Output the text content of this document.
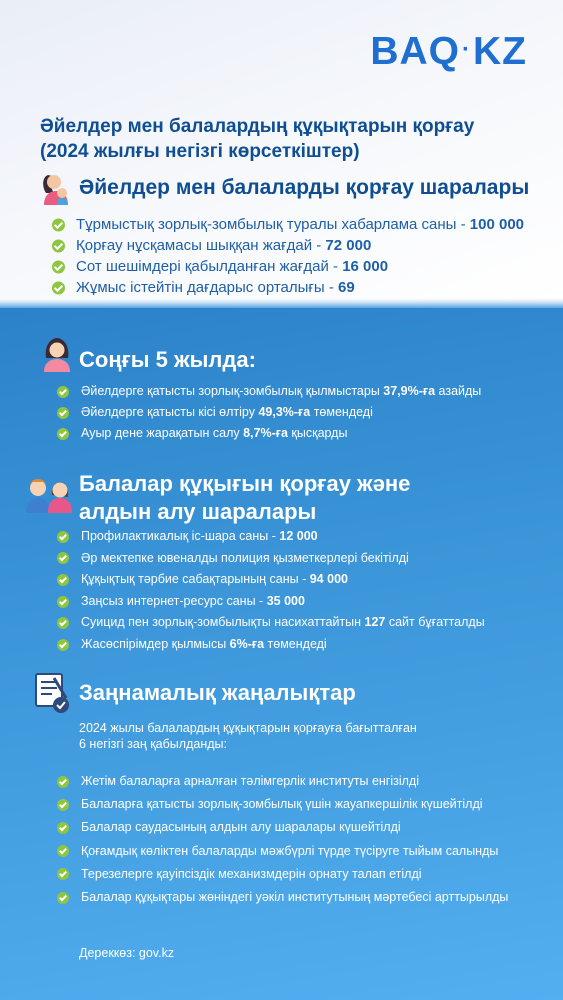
BAQ·KZ
Әйелдер мен балалардың құқықтарын қорғау
(2024 жылғы негізгі көрсеткіштер)
Әйелдер мен балаларды қорғау шаралары
Тұрмыстық зорлық-зомбылық туралы хабарлама саны - 100 000
Қорғау нұсқамасы шыққан жағдай - 72 000
Сот шешімдері қабылданған жағдай - 16 000
Жұмыс істейтін дағдарыс орталығы - 69
Соңғы 5 жылда:
Әйелдерге қатысты зорлық-зомбылық қылмыстары 37,9%-ға азайды
Әйелдерге қатысты кісі өлтіру 49,3%-ға төмендеді
Ауыр дене жарақатын салу 8,7%-ға қысқарды
Балалар құқығын қорғау және
алдын алу шаралары
Профилактикалық іс-шара саны - 12 000
Әр мектепке ювеналды полиция қызметкерлері бекітілді
Құқықтық тәрбие сабақтарының саны - 94 000
Заңсыз интернет-ресурс саны - 35 000
Суицид пен зорлық-зомбылықты насихаттайтын 127 сайт бұғатталды
Жасөспірімдер қылмысы 6%-ға төмендеді
Заңнамалық жаңалықтар
2024 жылы балалардың құқықтарын қорғауға бағытталған
6 негізгі заң қабылданды:
Жетім балаларға арналған тәлімгерлік институты енгізілді
Балаларға қатысты зорлық-зомбылық үшін жауапкершілік күшейтілді
Балалар саудасының алдын алу шаралары күшейтілді
Қоғамдық көліктен балаларды мәжбүрлі түрде түсіруге тыйым салынды
Терезелерге қауіпсіздік механизмдерін орнату талап етілді
Балалар құқықтары жөніндегі уәкіл институтының мәртебесі арттырылды
Дереккөз: gov.kz
